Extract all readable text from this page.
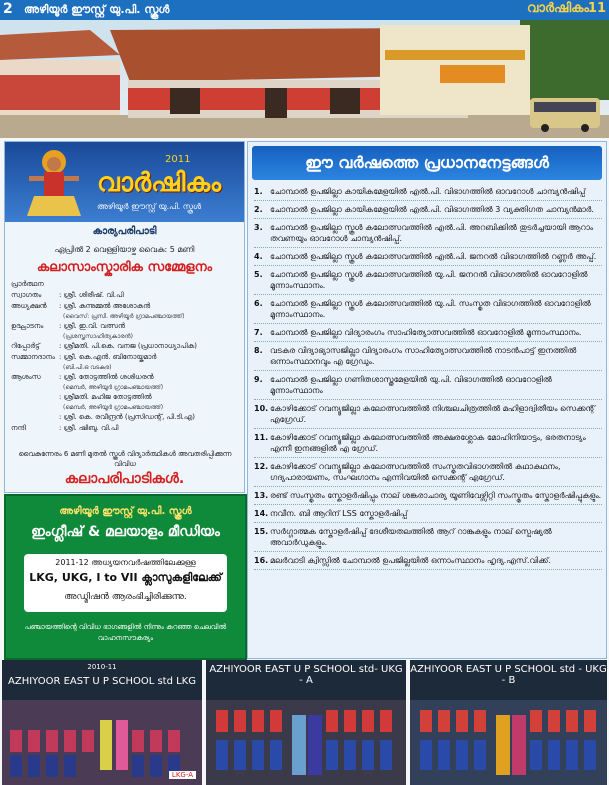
2 അഴിയൂർ ഈസ്റ്റ് യു.പി. സ്കൂൾ	വാർഷികം
11
2011
വാർഷികം
അഴിയൂർ ഈസ്റ്റ് യു.പി. സ്കൂൾ
കാര്യപരിപാടി
ഏപ്രിൽ 2 വെള്ളിയാഴ്ച വൈകു: 5 മണി
കലാസാംസ്കാരിക സമ്മേളനം
പ്രാർത്ഥന
സ്വാഗതം	: ശ്രീ. ശിരീഷ്. വി.പി
അധ്യക്ഷൻ	: ശ്രീ. കുന്നുമ്മൽ അശോകൻ
(വൈസ്: പ്രസി. അഴിയൂർ ഗ്രാമപഞ്ചായത്ത്)
ഉദ്ഘാടനം	: ശ്രീ. ഇ.വി. വത്സൻ
(പ്രശസ്തസാഹിത്യകാരൻ)
റിപ്പോർട്ട്	: ശ്രീമതി. പി.കെ. വനജ (പ്രധാനാധ്യാപിക)
സമ്മാനദാനം : ശ്രീ. കെ.എൻ. ബിനോയ്കുമാർ
(ബി.പി.ഒ വടകര)
ആശംസ	: ശ്രീ. തോട്ടത്തിൽ ശശിധരൻ
(മെമ്പർ, അഴിയൂർ ഗ്രാമപഞ്ചായത്ത്)
: ശ്രീമതി. മഹിജ തോട്ടത്തിൽ
(മെമ്പർ, അഴിയൂർ ഗ്രാമപഞ്ചായത്ത്)
: ശ്രീ. കെ. രവീന്ദ്രൻ (പ്രസിഡന്റ്, പി.ടി.എ)
നന്ദി	: ശ്രീ. ഷിബു. വി.പി
വൈകുന്നേരം 6 മണി മുതൽ സ്കൂൾ വിദ്യാർത്ഥികൾ അവതരിപ്പിക്കുന്ന വിവിധ
കലാപരിപാടികൾ.
അഴിയൂർ ഈസ്റ്റ് യു.പി. സ്കൂൾ
ഇംഗ്ലീഷ് & മലയാളം മീഡിയം
2011-12 അധ്യയനവർഷത്തിലേക്കുള്ള
LKG, UKG, I to VII ക്ലാസുകളിലേക്ക്
അഡ്മിഷൻ ആരംഭിച്ചിരിക്കുന്നു.
പഞ്ചായത്തിന്റെ വിവിധ ഭാഗങ്ങളിൽ നിന്നും കുറഞ്ഞ ചെലവിൽ വാഹനസൗകര്യം
ഈ വർഷത്തെ പ്രധാനനേട്ടങ്ങൾ
1. ചോമ്പാൽ ഉപജില്ലാ കായികമേളയിൽ എൽ.പി. വിഭാഗത്തിൽ ഓവറോൾ ചാമ്പ്യൻഷിപ്പ്
2. ചോമ്പാൽ ഉപജില്ലാ കായികമേളയിൽ എൽ.പി. വിഭാഗത്തിൽ 3 വ്യക്തിഗത ചാമ്പ്യൻമാർ.
3. ചോമ്പാൽ ഉപജില്ലാ സ്കൂൾ കലോത്സവത്തിൽ എൽ.പി. അറബിക്കിൽ തുടർച്ചയായി ആറാം തവണയും ഓവറോൾ ചാമ്പ്യൻഷിപ്പ്.
4. ചോമ്പാൽ ഉപജില്ലാ സ്കൂൾ കലോത്സവത്തിൽ എൽ.പി. ജനറൽ വിഭാഗത്തിൽ റണ്ണർ അപ്പ്.
5. ചോമ്പാൽ ഉപജില്ലാ സ്കൂൾ കലോത്സവത്തിൽ യു.പി. ജനറൽ വിഭാഗത്തിൽ ഓവറോളിൽ മൂന്നാംസ്ഥാനം.
6. ചോമ്പാൽ ഉപജില്ലാ സ്കൂൾ കലോത്സവത്തിൽ യു.പി. സംസ്കൃത വിഭാഗത്തിൽ ഓവറോളിൽ മൂന്നാംസ്ഥാനം.
7. ചോമ്പാൽ ഉപജില്ലാ വിദ്യാരംഗം സാഹിത്യോത്സവത്തിൽ ഓവറോളിൽ മൂന്നാംസ്ഥാനം.
8. വടകര വിദ്യാഭ്യാസജില്ലാ വിദ്യാരംഗം സാഹിത്യോത്സവത്തിൽ നാടൻപാട്ട് ഇനത്തിൽ ഒന്നാംസ്ഥാനവും എ ഗ്രേഡും.
9. ചോമ്പാൽ ഉപജില്ലാ ഗണിതശാസ്ത്രമേളയിൽ യു.പി. വിഭാഗത്തിൽ ഓവറോളിൽ മൂന്നാംസ്ഥാനം
10. കോഴിക്കോട് റവന്യൂജില്ലാ കലോത്സവത്തിൽ നിശ്ചലചിത്രത്തിൽ മഹിളാദ്വിതീയം സെക്കന്റ് എഗ്രേഡ്.
11. കോഴിക്കോട് റവന്യൂജില്ലാ കലോത്സവത്തിൽ അക്ഷരശ്ലോക മോഹിനിയാട്ടം, ഭരതനാട്യം എന്നീ ഇനങ്ങളിൽ എ ഗ്രേഡ്.
12. കോഴിക്കോട് റവന്യൂജില്ലാ കലോത്സവത്തിൽ സംസ്കൃതവിഭാഗത്തിൽ കഥാകഥനം, ഗദ്യപാരായണം, സംഘഗാനം എന്നിവയിൽ സെക്കന്റ് എഗ്രേഡ്.
13. രണ്ട് സംസ്കൃതം സ്കോളർഷിപ്പും നാല് ശങ്കരാചാര്യ യൂണിവേഴ്സിറ്റി സംസ്കൃതം സ്കോളർഷിപ്പുകളും.
14. നവീന. ബി ആറിന് LSS സ്കോളർഷിപ്പ്
15. സർഗ്ഗാത്മക സ്കോളർഷിപ്പ് ദേശീയതലത്തിൽ ആറ് റാങ്കുകളും നാല് സ്പെഷ്യൽ അവാർഡുകളും.
16. മലർവാടി ക്വിസ്സിൽ ചോമ്പാൽ ഉപജില്ലയിൽ ഒന്നാംസ്ഥാനം ഹൃദ്യ.എസ്.വിക്ക്.
2010-11
AZHIYOOR EAST U P SCHOOL std LKG
LKG-A
AZHIYOOR EAST U P SCHOOL std- UKG - A
AZHIYOOR EAST U P SCHOOL std - UKG - B
